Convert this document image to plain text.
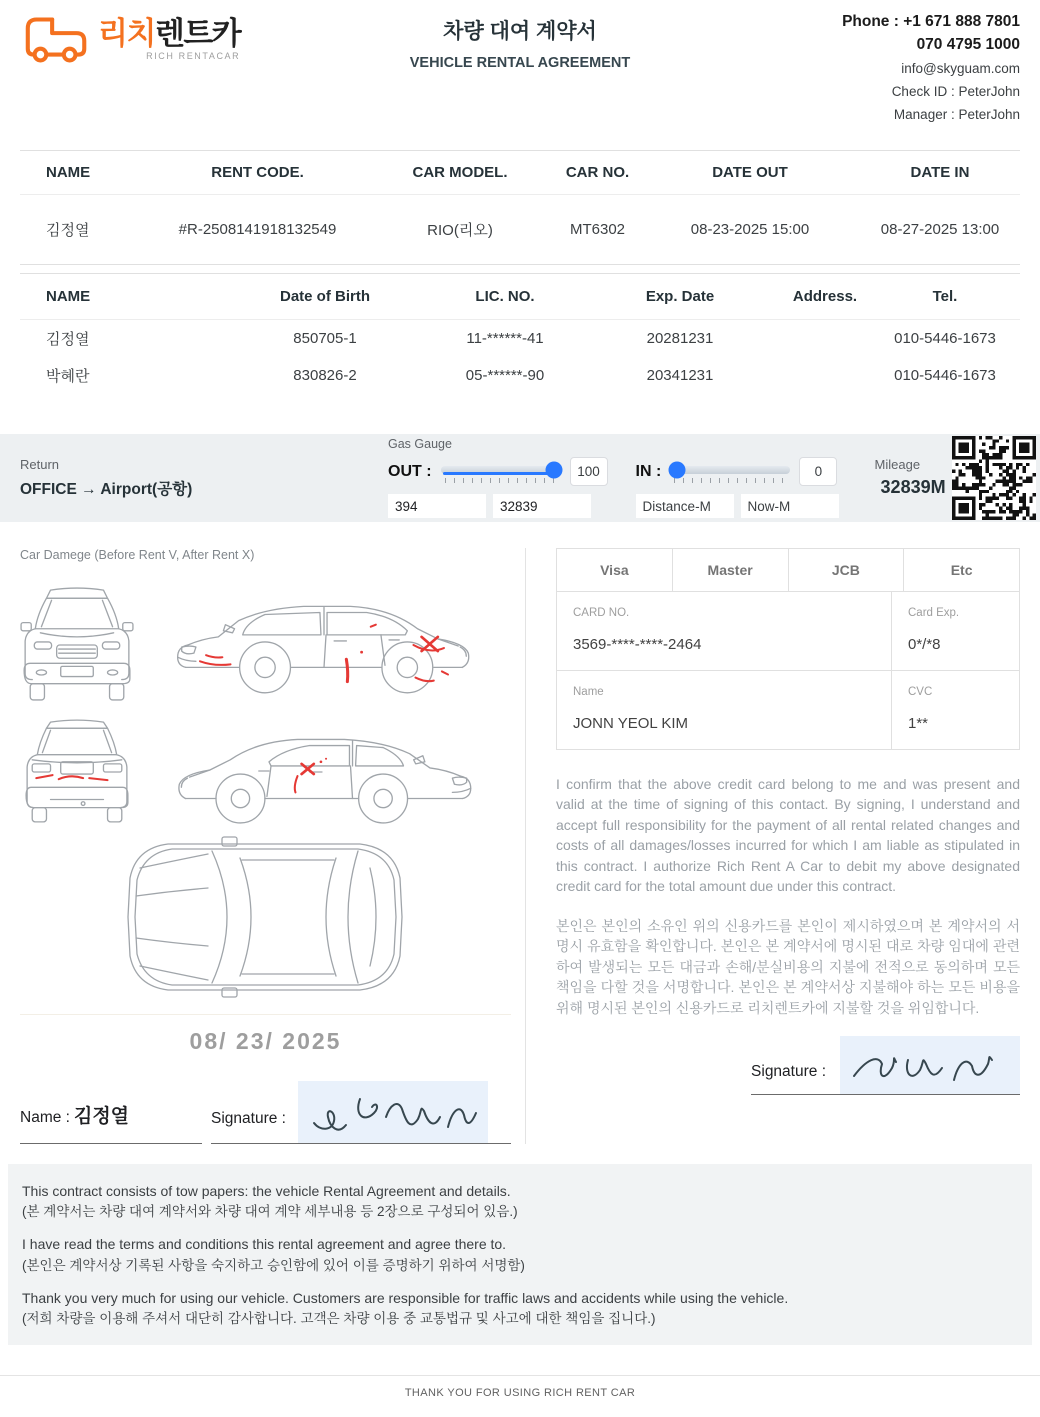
리치렌트카
RICH RENTACAR
차량 대여 계약서
VEHICLE RENTAL AGREEMENT
Phone : +1 671 888 7801
070 4795 1000
info@skyguam.com
Check ID : PeterJohn
Manager : PeterJohn
NAME	RENT CODE.	CAR MODEL.	CAR NO.	DATE OUT	DATE IN
김정열	#R-2508141918132549	RIO(리오)	MT6302	08-23-2025 15:00	08-27-2025 13:00
NAME	Date of Birth	LIC. NO.	Exp. Date	Address.	Tel.
김정열	850705-1	11-******-41	20281231		010-5446-1673
박혜란	830826-2	05-******-90	20341231		010-5446-1673
Return
OFFICE → Airport(공항)
Gas Gauge
OUT :	100
394
32839	IN :	0
Distance-M
Now-M	Mileage
32839M
Car Damege (Before Rent V, After Rent X)
08/ 23/ 2025
Name : 김정열	Signature :
Visa	Master	JCB	Etc
CARD NO.
3569-****-****-2464
Card Exp.
0*/*8
Name
JONN YEOL KIM
CVC
1**

I confirm that the above credit card belong to me and was present and valid at the time of signing of this contact. By signing, I understand and accept full responsibility for the payment of all rental related changes and costs of all damages/losses incurred for which I am liable as stipulated in this contract. I authorize Rich Rent A Car to debit my above designated credit card for the total amount due under this contract.

본인은 본인의 소유인 위의 신용카드를 본인이 제시하였으며 본 계약서의 서명시 유효함을 확인합니다. 본인은 본 계약서에 명시된 대로 차량 임대에 관련하여 발생되는 모든 대금과 손해/분실비용의 지불에 전적으로 동의하며 모든 책임을 다할 것을 서명합니다. 본인은 본 계약서상 지불해야 하는 모든 비용을 위해 명시된 본인의 신용카드로 리치렌트카에 지불할 것을 위임합니다.

Signature :
This contract consists of tow papers: the vehicle Rental Agreement and details.
(본 계약서는 차량 대여 계약서와 차량 대여 계약 세부내용 등 2장으로 구성되어 있음.)
I have read the terms and conditions this rental agreement and agree there to.
(본인은 계약서상 기록된 사항을 숙지하고 승인함에 있어 이를 증명하기 위하여 서명함)
Thank you very much for using our vehicle. Customers are responsible for traffic laws and accidents while using the vehicle.
(저희 차량을 이용해 주셔서 대단히 감사합니다. 고객은 차량 이용 중 교통법규 및 사고에 대한 책임을 집니다.)
THANK YOU FOR USING RICH RENT CAR
